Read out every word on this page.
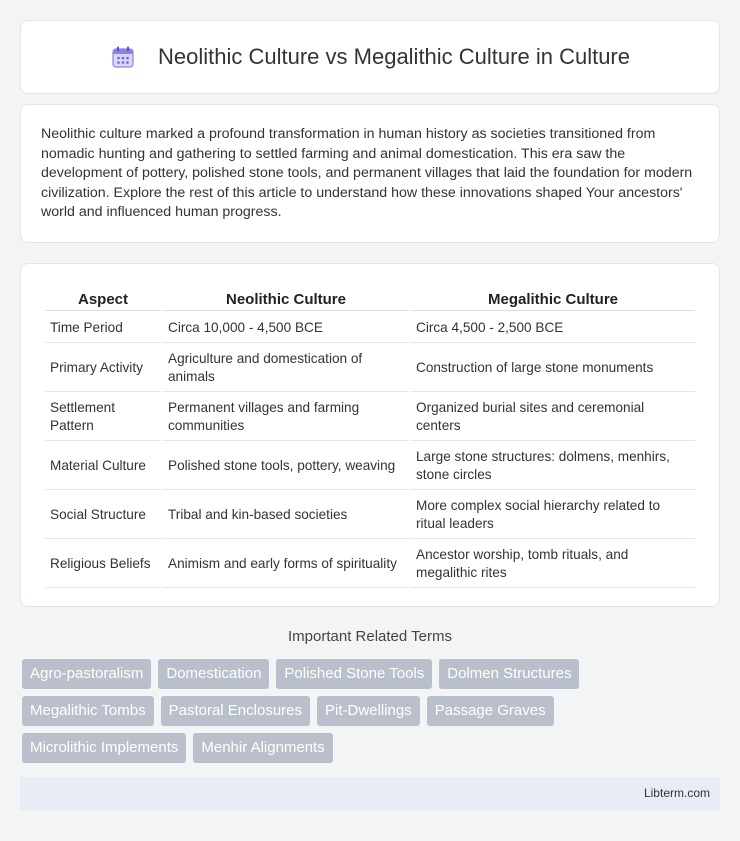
Neolithic Culture vs Megalithic Culture in Culture

Neolithic culture marked a profound transformation in human history as societies transitioned from nomadic hunting and gathering to settled farming and animal domestication. This era saw the development of pottery, polished stone tools, and permanent villages that laid the foundation for modern civilization. Explore the rest of this article to understand how these innovations shaped Your ancestors' world and influenced human progress.

Aspect	Neolithic Culture	Megalithic Culture
Time Period	Circa 10,000 - 4,500 BCE	Circa 4,500 - 2,500 BCE
Primary Activity	Agriculture and domestication of animals	Construction of large stone monuments
Settlement Pattern	Permanent villages and farming communities	Organized burial sites and ceremonial centers
Material Culture	Polished stone tools, pottery, weaving	Large stone structures: dolmens, menhirs, stone circles
Social Structure	Tribal and kin-based societies	More complex social hierarchy related to ritual leaders
Religious Beliefs	Animism and early forms of spirituality	Ancestor worship, tomb rituals, and megalithic rites
Important Related Terms
Agro-pastoralism	Domestication	Polished Stone Tools	Dolmen Structures
Megalithic Tombs	Pastoral Enclosures	Pit-Dwellings	Passage Graves
Microlithic Implements	Menhir Alignments
Libterm.com
